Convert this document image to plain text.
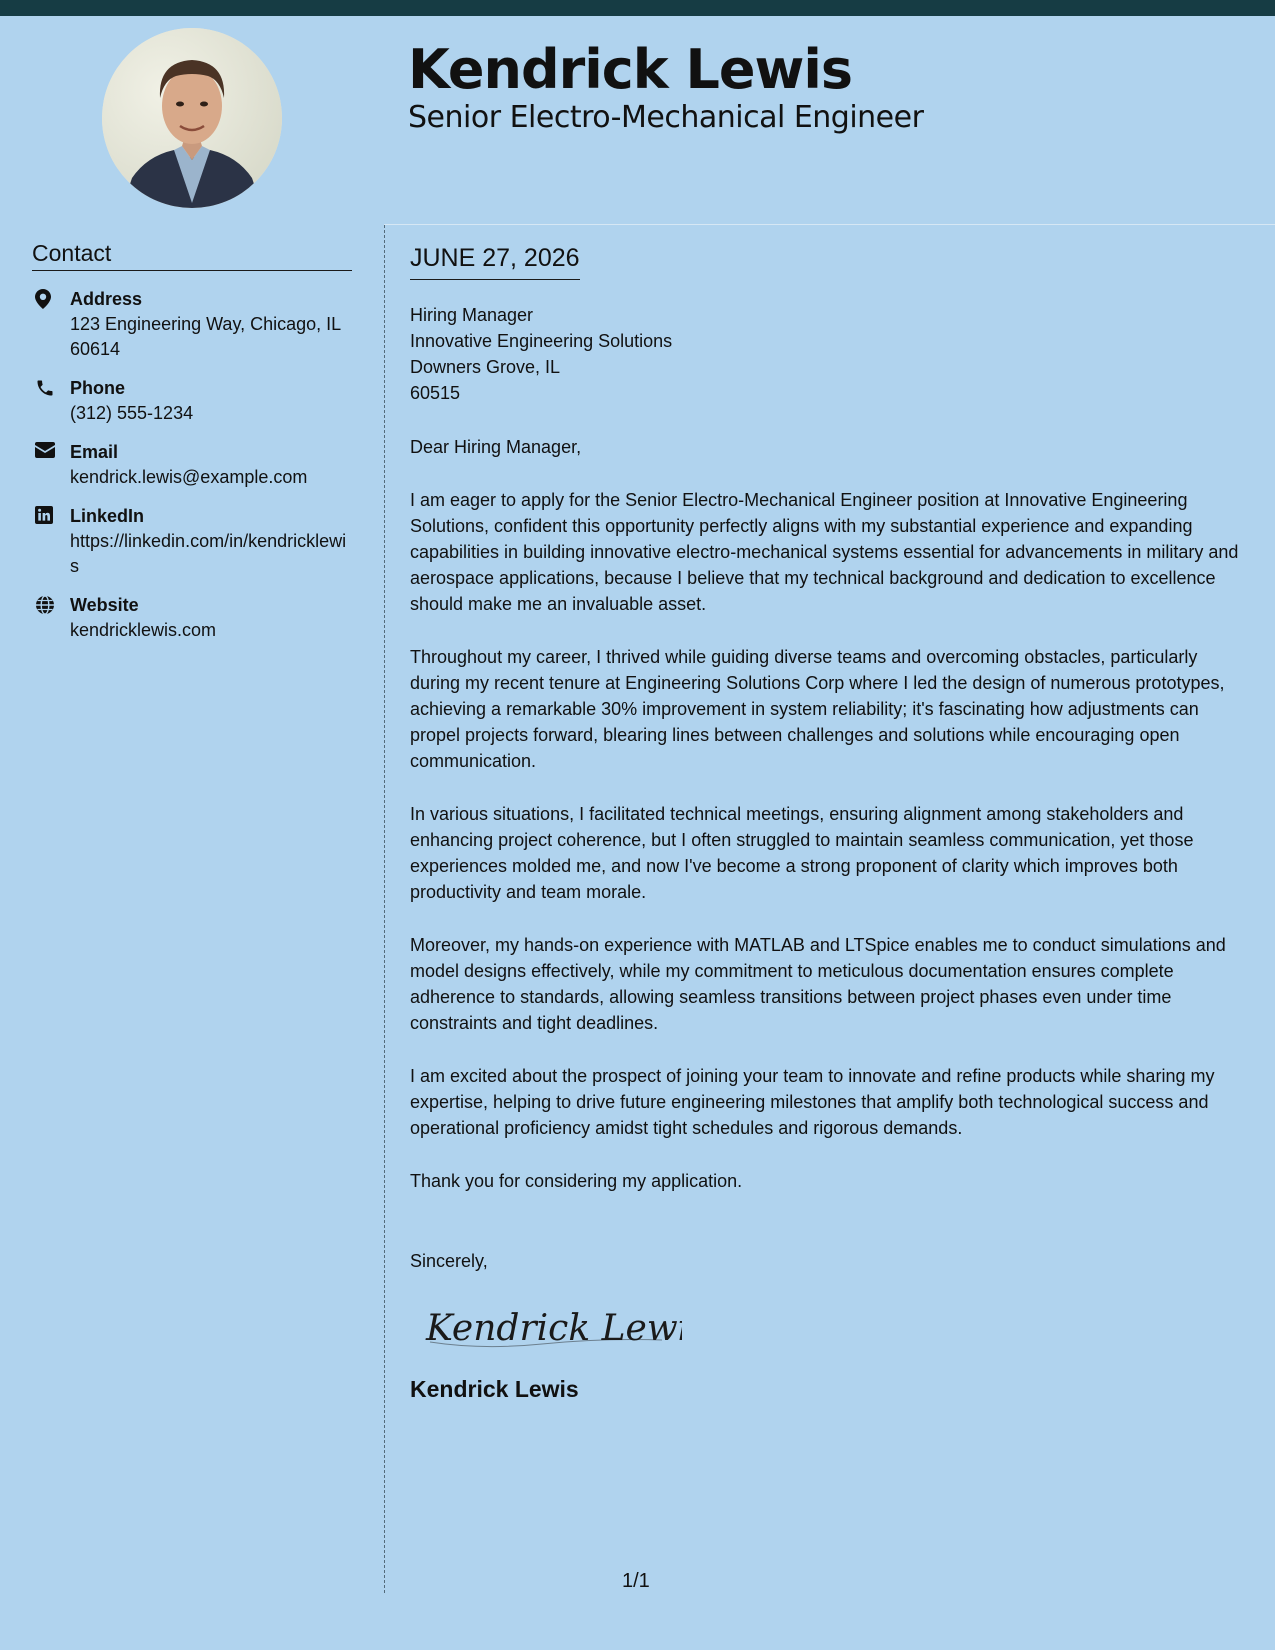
Kendrick Lewis
Senior Electro-Mechanical Engineer
Contact
Address
123 Engineering Way, Chicago, IL 60614
Phone
(312) 555-1234
Email
kendrick.lewis@example.com
LinkedIn
https://linkedin.com/in/kendricklewis
Website
kendricklewis.com
JUNE 27, 2026
Hiring Manager
Innovative Engineering Solutions
Downers Grove, IL
60515
Dear Hiring Manager,
I am eager to apply for the Senior Electro-Mechanical Engineer position at Innovative Engineering Solutions, confident this opportunity perfectly aligns with my substantial experience and expanding capabilities in building innovative electro-mechanical systems essential for advancements in military and aerospace applications, because I believe that my technical background and dedication to excellence should make me an invaluable asset.
Throughout my career, I thrived while guiding diverse teams and overcoming obstacles, particularly during my recent tenure at Engineering Solutions Corp where I led the design of numerous prototypes, achieving a remarkable 30% improvement in system reliability; it's fascinating how adjustments can propel projects forward, blearing lines between challenges and solutions while encouraging open communication.
In various situations, I facilitated technical meetings, ensuring alignment among stakeholders and enhancing project coherence, but I often struggled to maintain seamless communication, yet those experiences molded me, and now I've become a strong proponent of clarity which improves both productivity and team morale.
Moreover, my hands-on experience with MATLAB and LTSpice enables me to conduct simulations and model designs effectively, while my commitment to meticulous documentation ensures complete adherence to standards, allowing seamless transitions between project phases even under time constraints and tight deadlines.
I am excited about the prospect of joining your team to innovate and refine products while sharing my expertise, helping to drive future engineering milestones that amplify both technological success and operational proficiency amidst tight schedules and rigorous demands.
Thank you for considering my application.
Sincerely,
Kendrick Lewis
Kendrick Lewis
1/1
